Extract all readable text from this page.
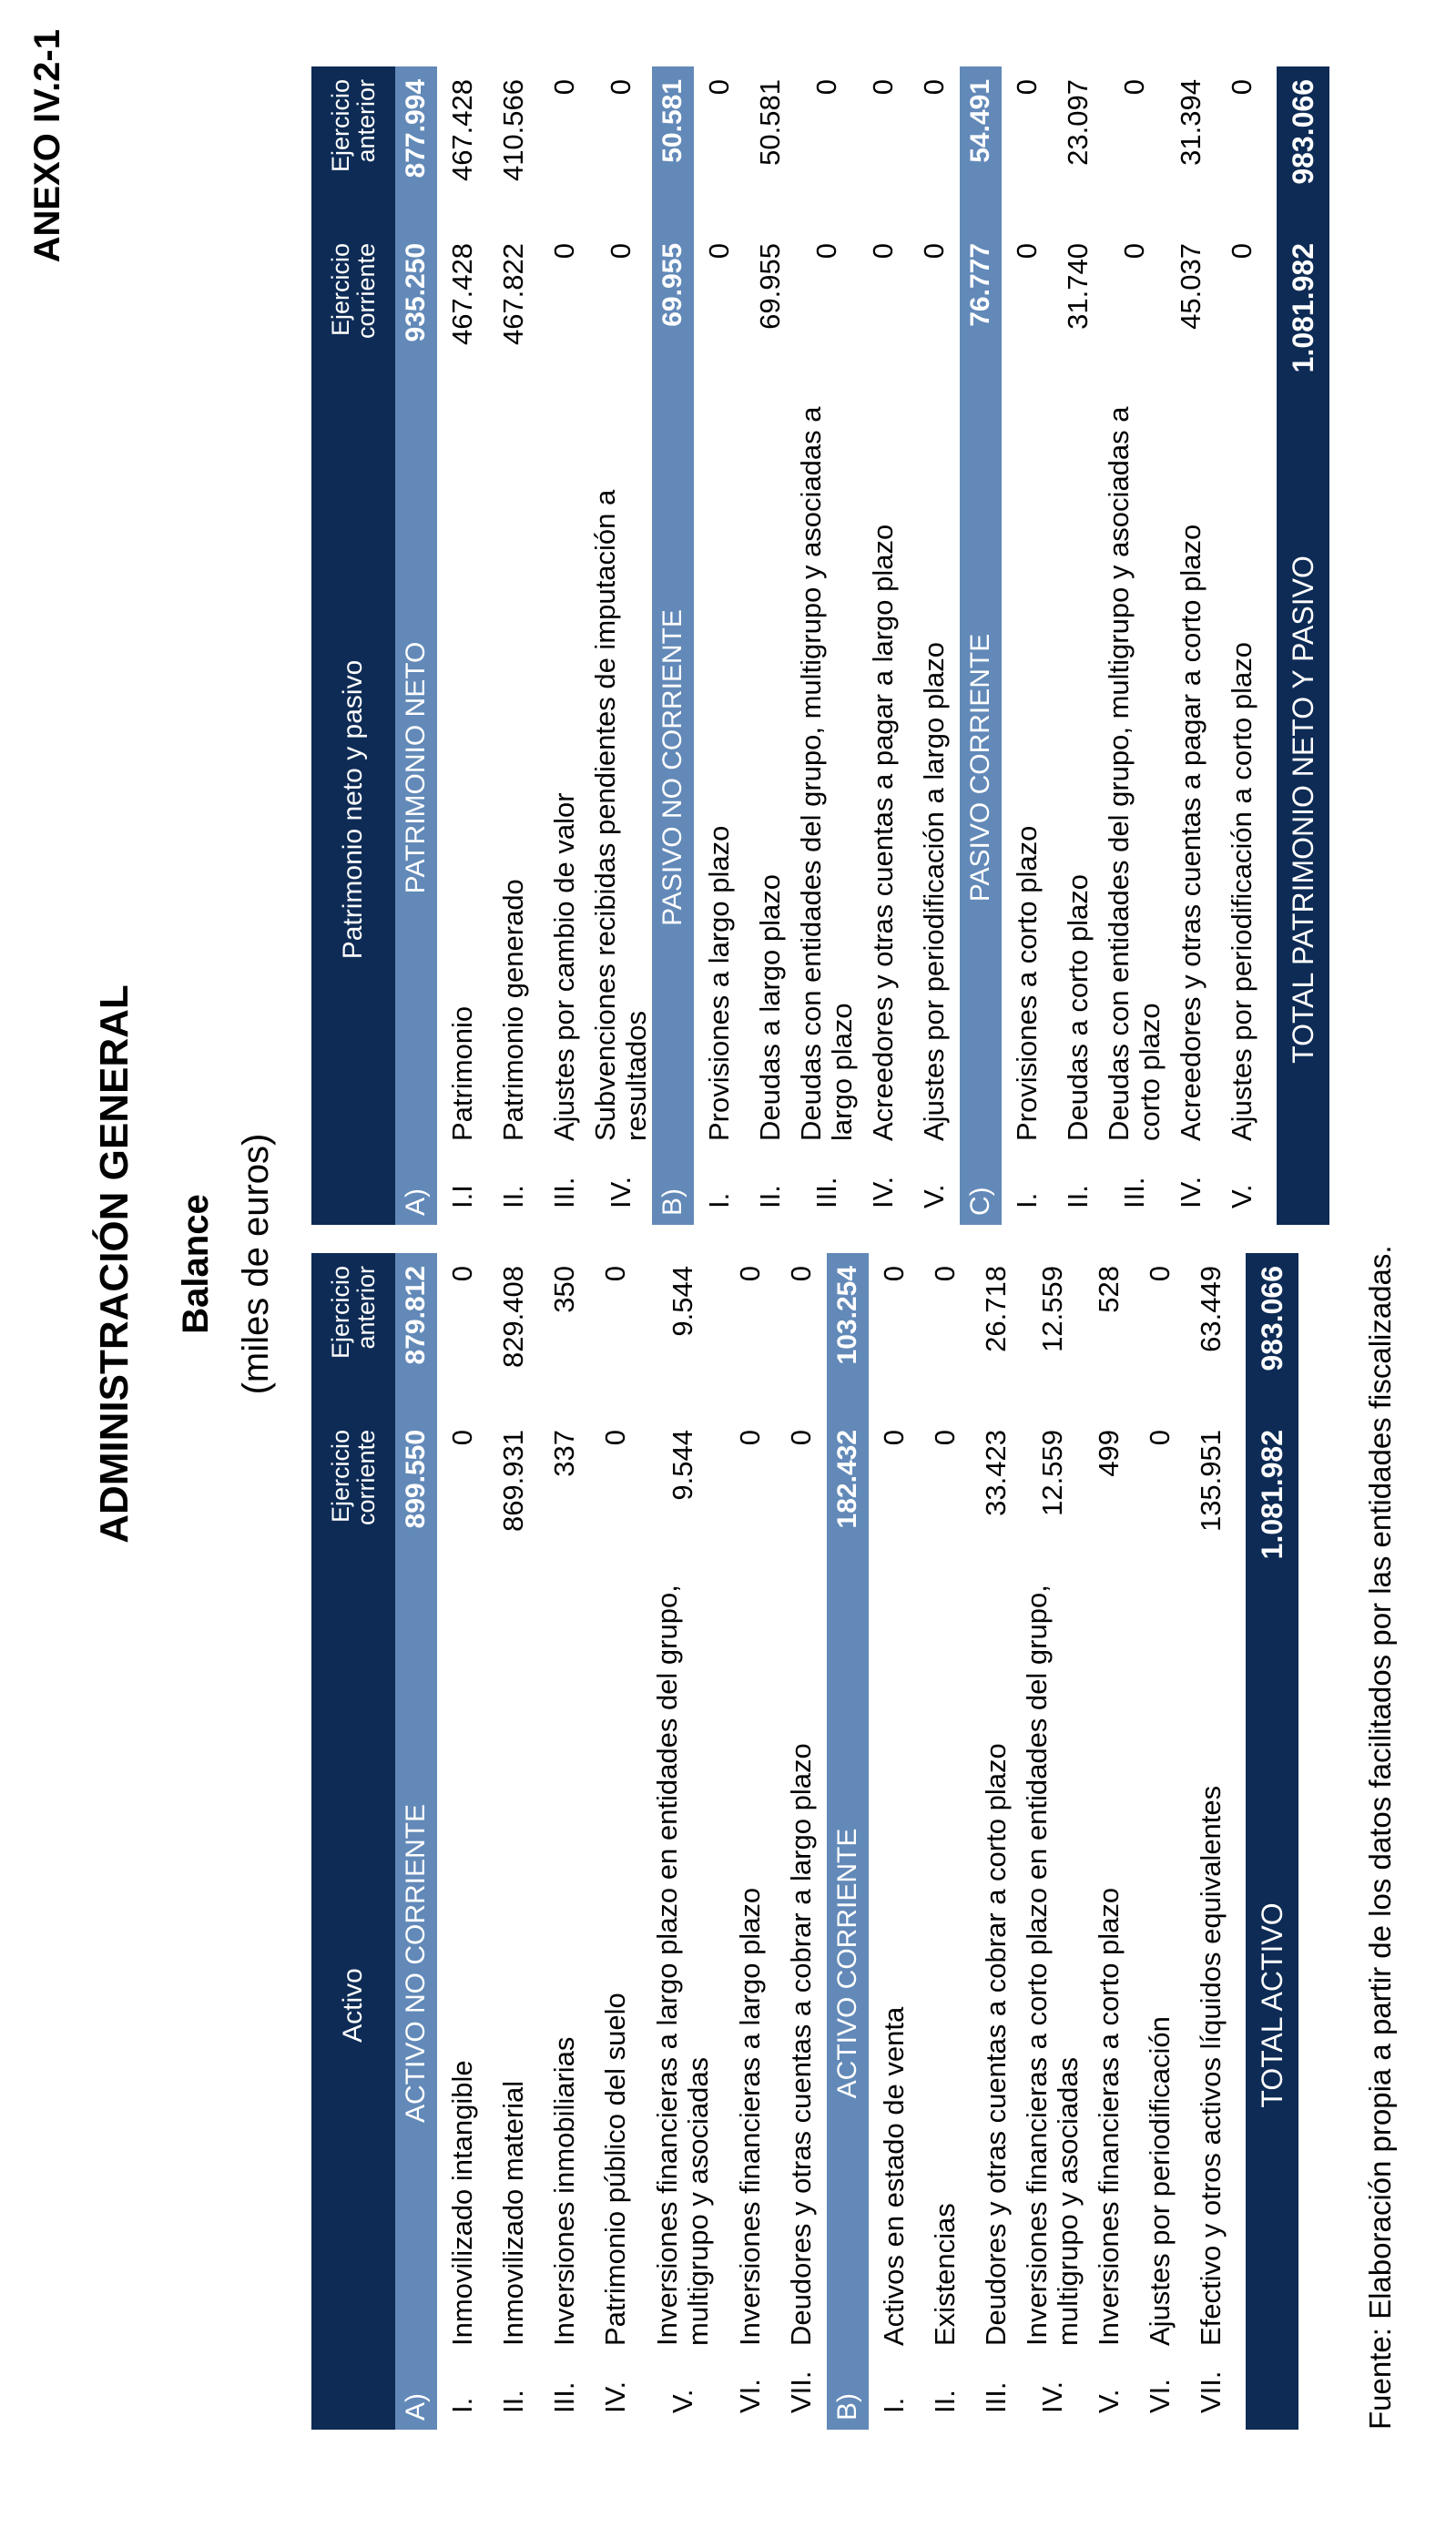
ANEXO IV.2-1
ADMINISTRACIÓN GENERAL Balance (miles de euros)
Activo		Ejercicio corriente	Ejercicio anterior
A)	ACTIVO NO CORRIENTE	899.550	879.812
I.	Inmovilizado intangible	0	0
II.	Inmovilizado material	869.931	829.408
III.	Inversiones inmobiliarias	337	350
IV.	Patrimonio público del suelo	0	0
V.	Inversiones financieras a largo plazo en entidades del grupo, multigrupo y asociadas	9.544	9.544
VI.	Inversiones financieras a largo plazo	0	0
VII.	Deudores y otras cuentas a cobrar a largo plazo	0	0
B)	ACTIVO CORRIENTE	182.432	103.254
I.	Activos en estado de venta	0	0
II.	Existencias	0	0
III.	Deudores y otras cuentas a cobrar a corto plazo	33.423	26.718
IV.	Inversiones financieras a corto plazo en entidades del grupo, multigrupo y asociadas	12.559	12.559
V.	Inversiones financieras a corto plazo	499	528
VI.	Ajustes por periodificación	0	0
VII.	Efectivo y otros activos líquidos equivalentes	135.951	63.449

TOTAL ACTIVO		1.081.982	983.066
Patrimonio neto y pasivo		Ejercicio corriente	Ejercicio anterior
A)	PATRIMONIO NETO	935.250	877.994
I.I	Patrimonio	467.428	467.428
II.	Patrimonio generado	467.822	410.566
III.	Ajustes por cambio de valor	0	0
IV.	Subvenciones recibidas pendientes de imputación a resultados	0	0
B)	PASIVO NO CORRIENTE	69.955	50.581
I.	Provisiones a largo plazo	0	0
II.	Deudas a largo plazo	69.955	50.581
III.	Deudas con entidades del grupo, multigrupo y asociadas a largo plazo	0	0
IV.	Acreedores y otras cuentas a pagar a largo plazo	0	0
V.	Ajustes por periodificación a largo plazo	0	0
C)	PASIVO CORRIENTE	76.777	54.491
I.	Provisiones a corto plazo	0	0
II.	Deudas a corto plazo	31.740	23.097
III.	Deudas con entidades del grupo, multigrupo y asociadas a corto plazo	0	0
IV.	Acreedores y otras cuentas a pagar a corto plazo	45.037	31.394
V.	Ajustes por periodificación a corto plazo	0	0

TOTAL PATRIMONIO NETO Y PASIVO		1.081.982	983.066
Fuente: Elaboración propia a partir de los datos facilitados por las entidades fiscalizadas.
